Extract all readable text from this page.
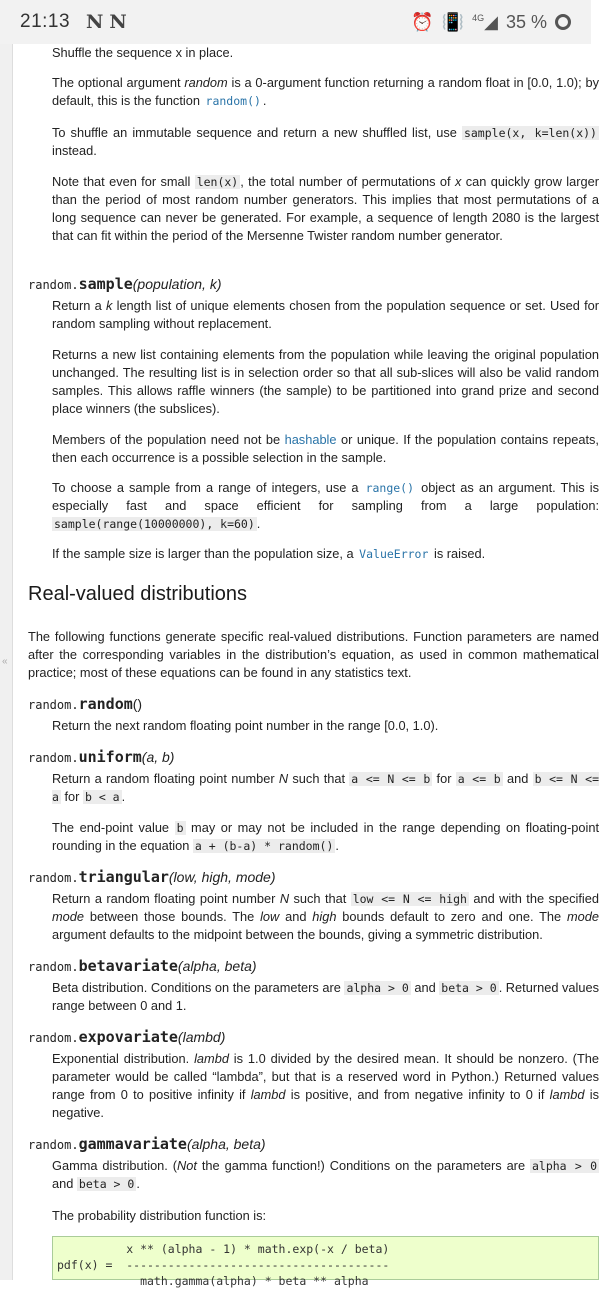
21:13 N N	⏰ 📳 $^{4G}$◢ 35 %
«

Shuffle the sequence x in place.

The optional argument random is a 0-argument function returning a random float in [0.0, 1.0); by default, this is the function random() .

To shuffle an immutable sequence and return a new shuffled list, use sample(x, k=len(x)) instead.

Note that even for small len(x) , the total number of permutations of x can quickly grow larger than the period of most random number generators. This implies that most permutations of a long sequence can never be generated. For example, a sequence of length 2080 is the largest that can fit within the period of the Mersenne Twister random number generator.

random.sample(population, k)

Return a k length list of unique elements chosen from the population sequence or set. Used for random sampling without replacement.

Returns a new list containing elements from the population while leaving the original population unchanged. The resulting list is in selection order so that all sub-slices will also be valid random samples. This allows raffle winners (the sample) to be partitioned into grand prize and second place winners (the subslices).

Members of the population need not be hashable or unique. If the population contains repeats, then each occurrence is a possible selection in the sample.

To choose a sample from a range of integers, use a range() object as an argument. This is especially fast and space efficient for sampling from a large population: sample(range(10000000), k=60) .

If the sample size is larger than the population size, a ValueError is raised.

Real-valued distributions

The following functions generate specific real-valued distributions. Function parameters are named after the corresponding variables in the distribution’s equation, as used in common mathematical practice; most of these equations can be found in any statistics text.

random.random()

Return the next random floating point number in the range [0.0, 1.0).

random.uniform(a, b)

Return a random floating point number N such that a <= N <= b for a <= b and b <= N <= a for b < a .

The end-point value b may or may not be included in the range depending on floating-point rounding in the equation a + (b-a) * random() .

random.triangular(low, high, mode)

Return a random floating point number N such that low <= N <= high and with the specified mode between those bounds. The low and high bounds default to zero and one. The mode argument defaults to the midpoint between the bounds, giving a symmetric distribution.

random.betavariate(alpha, beta)

Beta distribution. Conditions on the parameters are alpha > 0 and beta > 0 . Returned values range between 0 and 1.

random.expovariate(lambd)

Exponential distribution. lambd is 1.0 divided by the desired mean. It should be nonzero. (The parameter would be called “lambda”, but that is a reserved word in Python.) Returned values range from 0 to positive infinity if lambd is positive, and from negative infinity to 0 if lambd is negative.

random.gammavariate(alpha, beta)

Gamma distribution. (Not the gamma function!) Conditions on the parameters are alpha > 0 and beta > 0 .

The probability distribution function is:

x ** (alpha - 1) * math.exp(-x / beta)
pdf(x) =  --------------------------------------
math.gamma(alpha) * beta ** alpha
